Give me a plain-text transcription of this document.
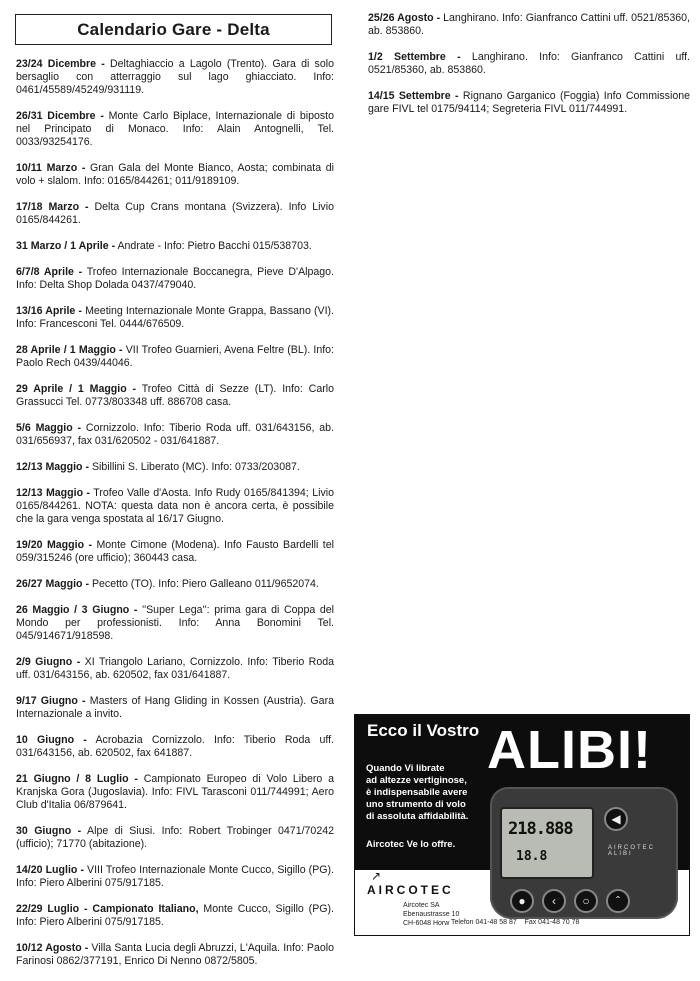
Calendario Gare - Delta

23/24 Dicembre - Deltaghiaccio a Lagolo (Trento). Gara di solo bersaglio con atterraggio sul lago ghiacciato. Info: 0461/45589/45249/931119.

26/31 Dicembre - Monte Carlo Biplace, Internazionale di biposto nel Principato di Monaco. Info: Alain Antognelli, Tel. 0033/93254176.

10/11 Marzo - Gran Gala del Monte Bianco, Aosta; combinata di volo + slalom. Info: 0165/844261; 011/9189109.

17/18 Marzo - Delta Cup Crans montana (Svizzera). Info Livio 0165/844261.

31 Marzo / 1 Aprile - Andrate - Info: Pietro Bacchi 015/538703.

6/7/8 Aprile - Trofeo Internazionale Boccanegra, Pieve D'Alpago. Info: Delta Shop Dolada 0437/479040.

13/16 Aprile - Meeting Internazionale Monte Grappa, Bassano (VI). Info: Francesconi Tel. 0444/676509.

28 Aprile / 1 Maggio - VII Trofeo Guarnieri, Avena Feltre (BL). Info: Paolo Rech 0439/44046.

29 Aprile / 1 Maggio - Trofeo Città di Sezze (LT). Info: Carlo Grassucci Tel. 0773/803348 uff. 886708 casa.

5/6 Maggio - Cornizzolo. Info: Tiberio Roda uff. 031/643156, ab. 031/656937, fax 031/620502 - 031/641887.

12/13 Maggio - Sibillini S. Liberato (MC). Info: 0733/203087.

12/13 Maggio - Trofeo Valle d'Aosta. Info Rudy 0165/841394; Livio 0165/844261. NOTA: questa data non è ancora certa, è possibile che la gara venga spostata al 16/17 Giugno.

19/20 Maggio - Monte Cimone (Modena). Info Fausto Bardelli tel 059/315246 (ore ufficio); 360443 casa.

26/27 Maggio - Pecetto (TO). Info: Piero Galleano 011/9652074.

26 Maggio / 3 Giugno - ''Super Lega'': prima gara di Coppa del Mondo per professionisti. Info: Anna Bonomini Tel. 045/914671/918598.

2/9 Giugno - XI Triangolo Lariano, Cornizzolo. Info: Tiberio Roda uff. 031/643156, ab. 620502, fax 031/641887.

9/17 Giugno - Masters of Hang Gliding in Kossen (Austria). Gara Internazionale a invito.

10 Giugno - Acrobazia Cornizzolo. Info: Tiberio Roda uff. 031/643156, ab. 620502, fax 641887.

21 Giugno / 8 Luglio - Campionato Europeo di Volo Libero a Kranjska Gora (Jugoslavia). Info: FIVL Tarasconi 011/744991; Aero Club d'Italia 06/879641.

30 Giugno - Alpe di Siusi. Info: Robert Trobinger 0471/70242 (ufficio); 71770 (abitazione).

14/20 Luglio - VIII Trofeo Internazionale Monte Cucco, Sigillo (PG). Info: Piero Alberini 075/917185.

22/29 Luglio - Campionato Italiano, Monte Cucco, Sigillo (PG). Info: Piero Alberini 075/917185.

10/12 Agosto - Villa Santa Lucia degli Abruzzi, L'Aquila. Info: Paolo Farinosi 0862/377191, Enrico Di Nenno 0872/5805.

25/26 Agosto - Langhirano. Info: Gianfranco Cattini uff. 0521/85360, ab. 853860.

1/2 Settembre - Langhirano. Info: Gianfranco Cattini uff. 0521/85360, ab. 853860.

14/15 Settembre - Rignano Garganico (Foggia) Info Commissione gare FIVL tel 0175/94114; Segreteria FIVL 011/744991.

Ecco il Vostro ALIBI!

Quando Vi librate

ad altezze vertiginose,

è indispensabile avere

uno strumento di volo

di assoluta affidabilità.

Aircotec Ve lo offre.
218.888
18.8
AIRCOTEC ALIBI
◀
●	‹	○	ˆ
↗
AIRCOTEC

Aircotec SA

Ebenaustrasse 10

CH-6048 Horw Telefon 041-48 58 87 Fax 041-48 70 78
